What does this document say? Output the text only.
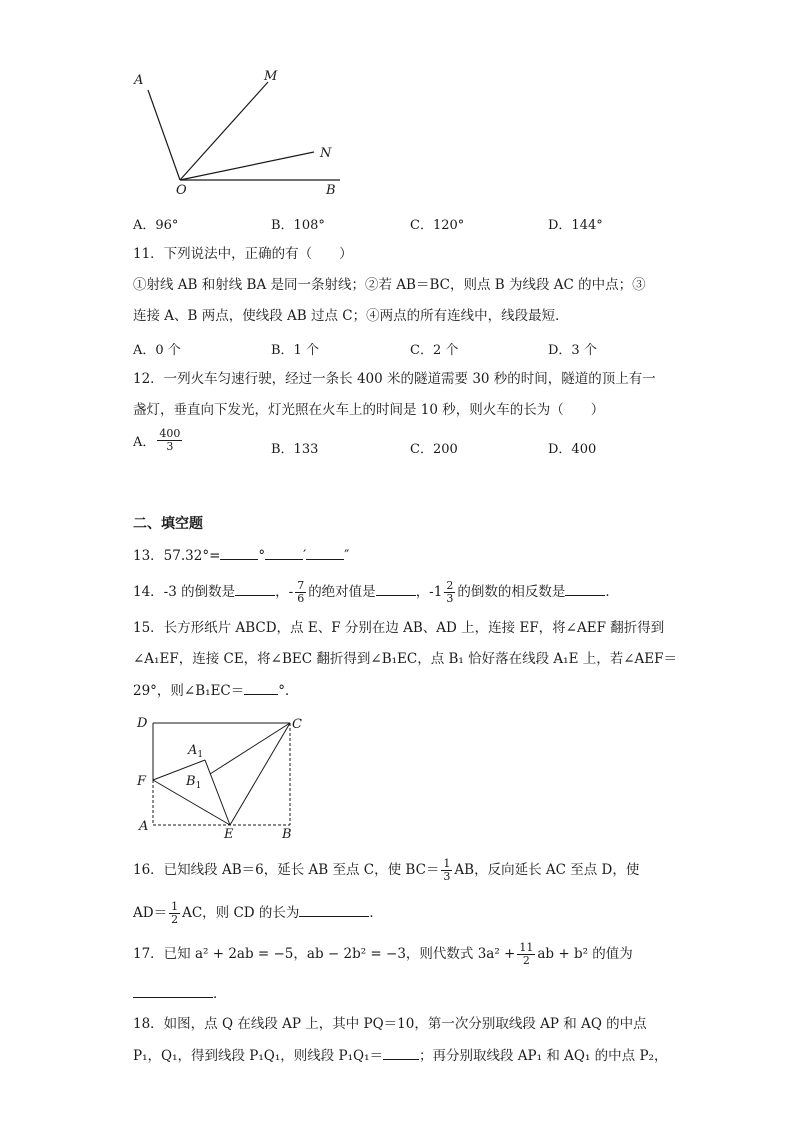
A	M
N
O	B
A．96°	B．108°	C．120°	D．144°
11．下列说法中，正确的有（　　）
①射线 AB 和射线 BA 是同一条射线；②若 AB＝BC，则点 B 为线段 AC 的中点；③
连接 A、B 两点，使线段 AB 过点 C；④两点的所有连线中，线段最短．
A．0 个	B．1 个	C．2 个	D．3 个
12．一列火车匀速行驶，经过一条长 400 米的隧道需要 30 秒的时间，隧道的顶上有一
盏灯，垂直向下发光，灯光照在火车上的时间是 10 秒，则火车的长为（　　）
A． $\frac{400}{3}$	B．133	C．200	D．400
二、填空题
13．57.32°=	°	′	″
14．-3 的倒数是	，- $\frac{7}{6}$ 的绝对值是	，$-1 \frac{2}{3}$ 的倒数的相反数是	．
15．长方形纸片 ABCD，点 E、F 分别在边 AB、AD 上，连接 EF，将∠AEF 翻折得到
∠A₁EF，连接 CE，将∠BEC 翻折得到∠B₁EC，点 B₁ 恰好落在线段 A₁E 上，若∠AEF＝
29°，则∠B₁EC＝	°．
D	C
$A_1$
$B_1$
F
A
E	B
16．已知线段 AB＝6，延长 AB 至点 C，使 $BC= \frac{1}{3}$ AB，反向延长 AC 至点 D，使
$AD= \frac{1}{2}$ AC，则 CD 的长为	．
17．已知 a² + 2ab = −5，ab − 2b² = −3，则代数式 $3a^2 + \frac{11}{2}$ ab + b² 的值为
．
18．如图，点 Q 在线段 AP 上，其中 PQ＝10，第一次分别取线段 AP 和 AQ 的中点
P₁，Q₁，得到线段 P₁Q₁，则线段 P₁Q₁＝	；再分别取线段 AP₁ 和 AQ₁ 的中点 P₂，
